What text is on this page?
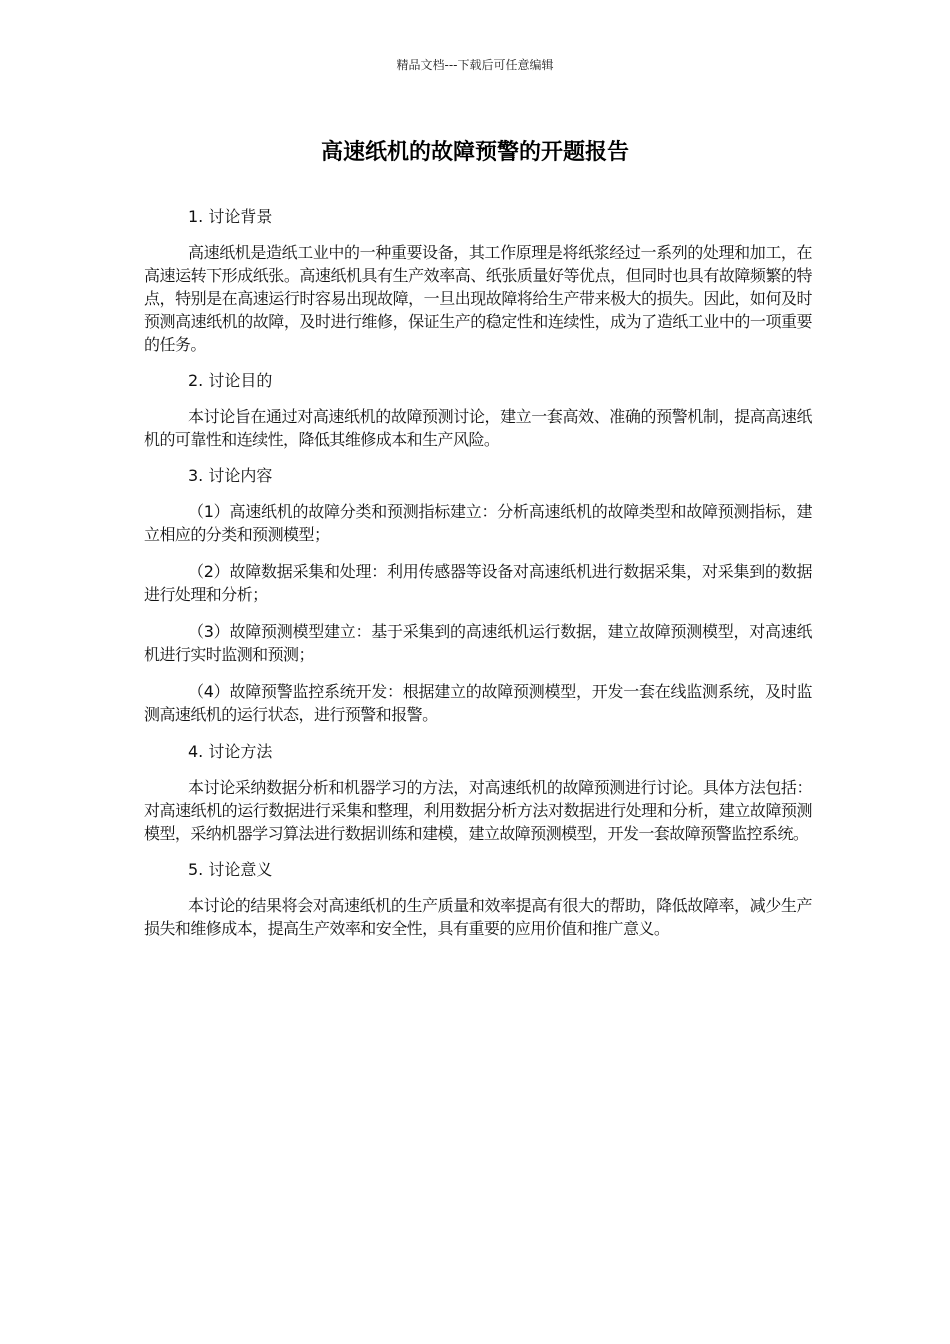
精品文档---下载后可任意编辑
高速纸机的故障预警的开题报告
1. 讨论背景

高速纸机是造纸工业中的一种重要设备，其工作原理是将纸浆经过一系列的处理和加工，在高速运转下形成纸张。高速纸机具有生产效率高、纸张质量好等优点，但同时也具有故障频繁的特点，特别是在高速运行时容易出现故障，一旦出现故障将给生产带来极大的损失。因此，如何及时预测高速纸机的故障，及时进行维修，保证生产的稳定性和连续性，成为了造纸工业中的一项重要的任务。

2. 讨论目的

本讨论旨在通过对高速纸机的故障预测讨论，建立一套高效、准确的预警机制，提高高速纸机的可靠性和连续性，降低其维修成本和生产风险。

3. 讨论内容

（1）高速纸机的故障分类和预测指标建立：分析高速纸机的故障类型和故障预测指标，建立相应的分类和预测模型；

（2）故障数据采集和处理：利用传感器等设备对高速纸机进行数据采集，对采集到的数据进行处理和分析；

（3）故障预测模型建立：基于采集到的高速纸机运行数据，建立故障预测模型，对高速纸机进行实时监测和预测；

（4）故障预警监控系统开发：根据建立的故障预测模型，开发一套在线监测系统，及时监测高速纸机的运行状态，进行预警和报警。

4. 讨论方法

本讨论采纳数据分析和机器学习的方法，对高速纸机的故障预测进行讨论。具体方法包括：对高速纸机的运行数据进行采集和整理，利用数据分析方法对数据进行处理和分析，建立故障预测模型，采纳机器学习算法进行数据训练和建模，建立故障预测模型，开发一套故障预警监控系统。

5. 讨论意义

本讨论的结果将会对高速纸机的生产质量和效率提高有很大的帮助，降低故障率，减少生产损失和维修成本，提高生产效率和安全性，具有重要的应用价值和推广意义。
